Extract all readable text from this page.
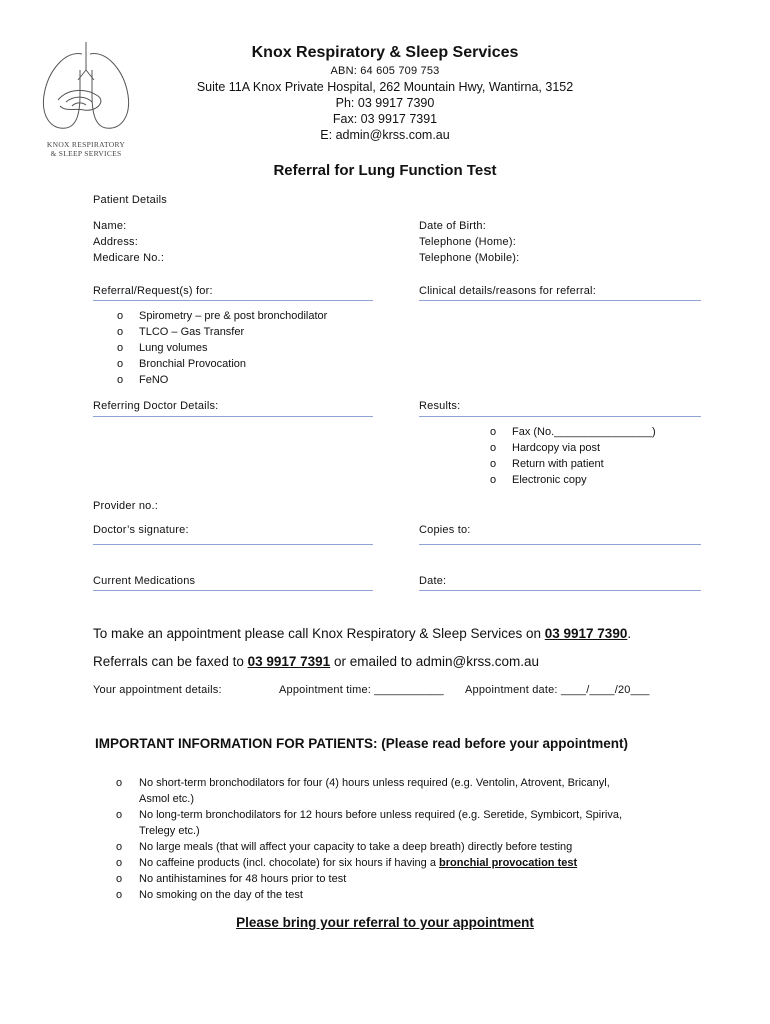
KNOX RESPIRATORY
& SLEEP SERVICES
Knox Respiratory & Sleep Services
ABN: 64 605 709 753
Suite 11A Knox Private Hospital, 262 Mountain Hwy, Wantirna, 3152
Ph: 03 9917 7390
Fax: 03 9917 7391
E: admin@krss.com.au
Referral for Lung Function Test
Patient Details
Name:
Address:
Medicare No.:
Date of Birth:
Telephone (Home):
Telephone (Mobile):
Referral/Request(s) for:	Clinical details/reasons for referral:
o Spirometry – pre & post bronchodilator
o TLCO – Gas Transfer
o Lung volumes
o Bronchial Provocation
o FeNO
Referring Doctor Details:	Results:
o Fax (No.________________)
o Hardcopy via post
o Return with patient
o Electronic copy
Provider no.:
Doctor’s signature:	Copies to:
Current Medications	Date:
To make an appointment please call Knox Respiratory & Sleep Services on 03 9917 7390.
Referrals can be faxed to 03 9917 7391 or emailed to admin@krss.com.au
Your appointment details:	Appointment time: ___________ Appointment date: ____/____/20___
IMPORTANT INFORMATION FOR PATIENTS: (Please read before your appointment)
o No short-term bronchodilators for four (4) hours unless required (e.g. Ventolin, Atrovent, Bricanyl,
Asmol etc.)
o No long-term bronchodilators for 12 hours before unless required (e.g. Seretide, Symbicort, Spiriva,
Trelegy etc.)
o No large meals (that will affect your capacity to take a deep breath) directly before testing
o No caffeine products (incl. chocolate) for six hours if having a bronchial provocation test
o No antihistamines for 48 hours prior to test
o No smoking on the day of the test
Please bring your referral to your appointment
